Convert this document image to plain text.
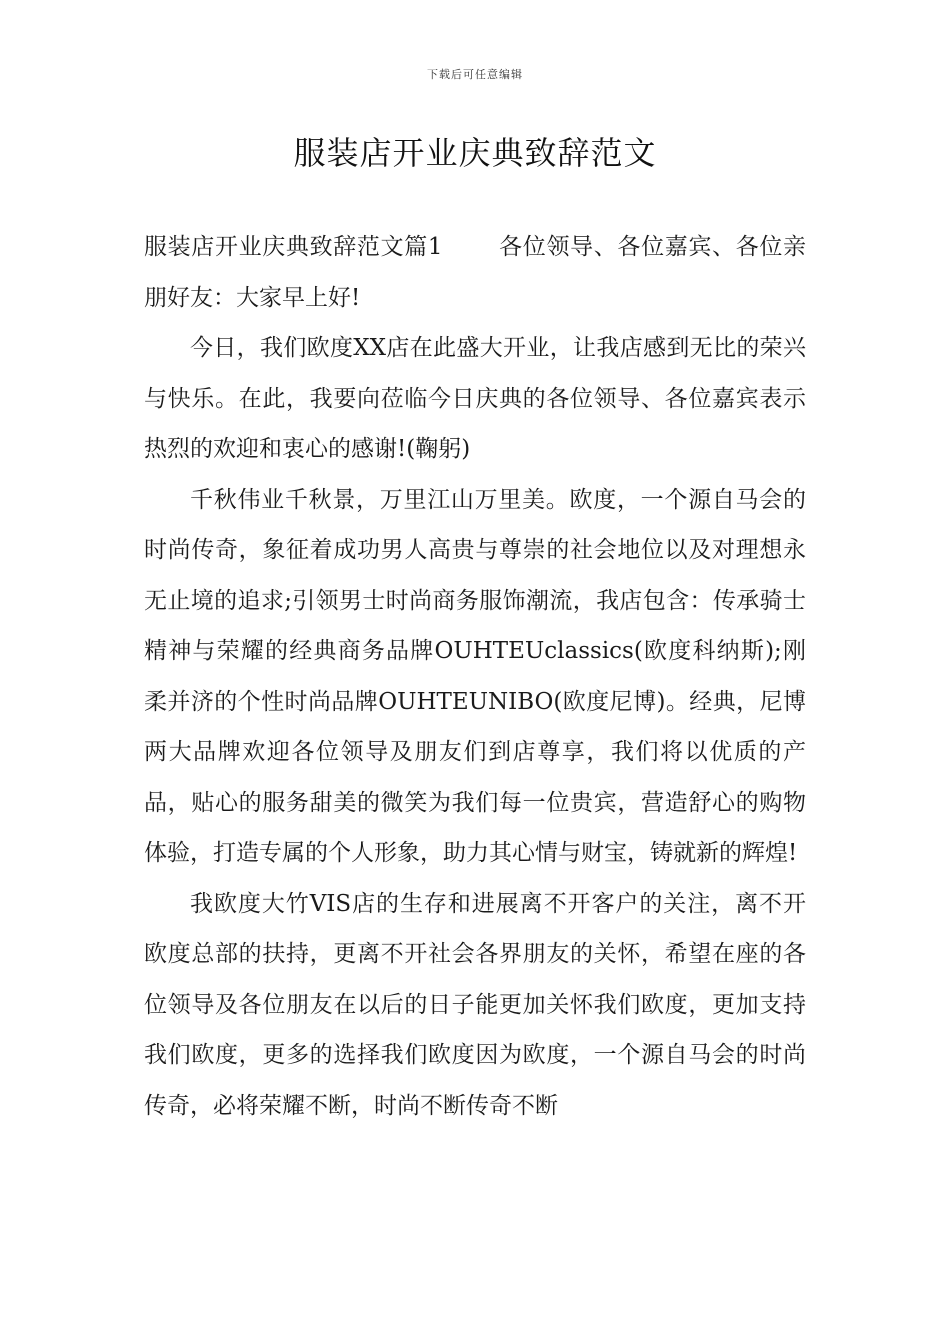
下载后可任意编辑
服装店开业庆典致辞范文

服装店开业庆典致辞范文篇1 各位领导、各位嘉宾、各位亲朋好友：大家早上好!

今日，我们欧度XX店在此盛大开业，让我店感到无比的荣兴与快乐。在此，我要向莅临今日庆典的各位领导、各位嘉宾表示热烈的欢迎和衷心的感谢!(鞠躬)

千秋伟业千秋景，万里江山万里美。欧度，一个源自马会的时尚传奇，象征着成功男人高贵与尊崇的社会地位以及对理想永无止境的追求;引领男士时尚商务服饰潮流，我店包含：传承骑士精神与荣耀的经典商务品牌OUHTEUclassics(欧度科纳斯);刚柔并济的个性时尚品牌OUHTEUNIBO(欧度尼博)。经典，尼博两大品牌欢迎各位领导及朋友们到店尊享，我们将以优质的产品，贴心的服务甜美的微笑为我们每一位贵宾，营造舒心的购物体验，打造专属的个人形象，助力其心情与财宝，铸就新的辉煌!

我欧度大竹VIS店的生存和进展离不开客户的关注，离不开欧度总部的扶持，更离不开社会各界朋友的关怀，希望在座的各位领导及各位朋友在以后的日子能更加关怀我们欧度，更加支持我们欧度，更多的选择我们欧度因为欧度，一个源自马会的时尚传奇，必将荣耀不断，时尚不断传奇不断
